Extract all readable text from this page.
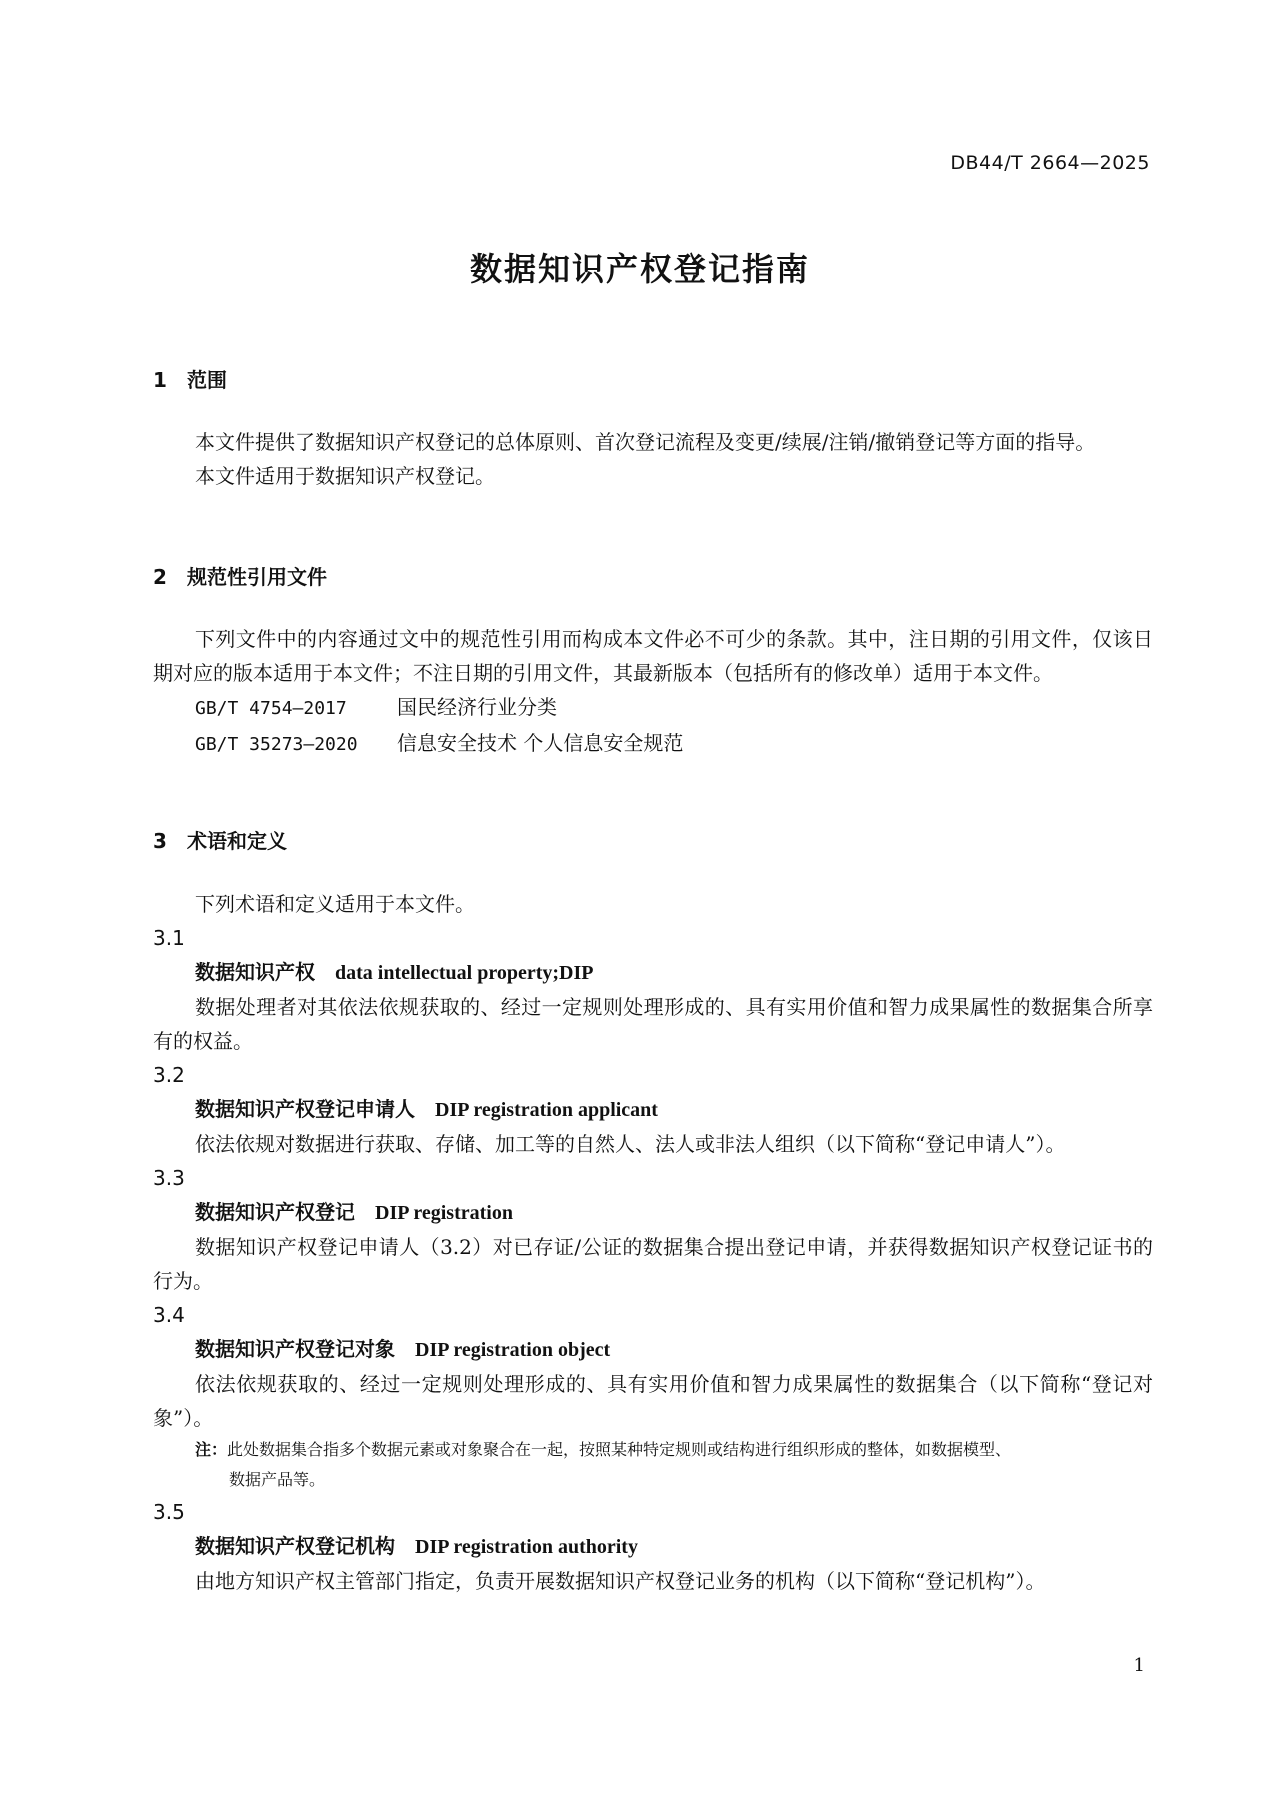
DB44/T 2664—2025
数据知识产权登记指南

1 范围

本文件提供了数据知识产权登记的总体原则、首次登记流程及变更/续展/注销/撤销登记等方面的指导。

本文件适用于数据知识产权登记。

2 规范性引用文件

下列文件中的内容通过文中的规范性引用而构成本文件必不可少的条款。其中，注日期的引用文件，仅该日期对应的版本适用于本文件；不注日期的引用文件，其最新版本（包括所有的修改单）适用于本文件。

GB/T 4754—2017	国民经济行业分类
GB/T 35273—2020 信息安全技术 个人信息安全规范

3 术语和定义

下列术语和定义适用于本文件。

3.1
数据知识产权 data intellectual property;DIP

数据处理者对其依法依规获取的、经过一定规则处理形成的、具有实用价值和智力成果属性的数据集合所享有的权益。

3.2
数据知识产权登记申请人 DIP registration applicant

依法依规对数据进行获取、存储、加工等的自然人、法人或非法人组织（以下简称“登记申请人”）。

3.3
数据知识产权登记 DIP registration

数据知识产权登记申请人（3.2）对已存证/公证的数据集合提出登记申请，并获得数据知识产权登记证书的行为。

3.4
数据知识产权登记对象 DIP registration object

依法依规获取的、经过一定规则处理形成的、具有实用价值和智力成果属性的数据集合（以下简称“登记对象”）。

注：此处数据集合指多个数据元素或对象聚合在一起，按照某种特定规则或结构进行组织形成的整体，如数据模型、
数据产品等。
3.5
数据知识产权登记机构 DIP registration authority

由地方知识产权主管部门指定，负责开展数据知识产权登记业务的机构（以下简称“登记机构”）。

1
